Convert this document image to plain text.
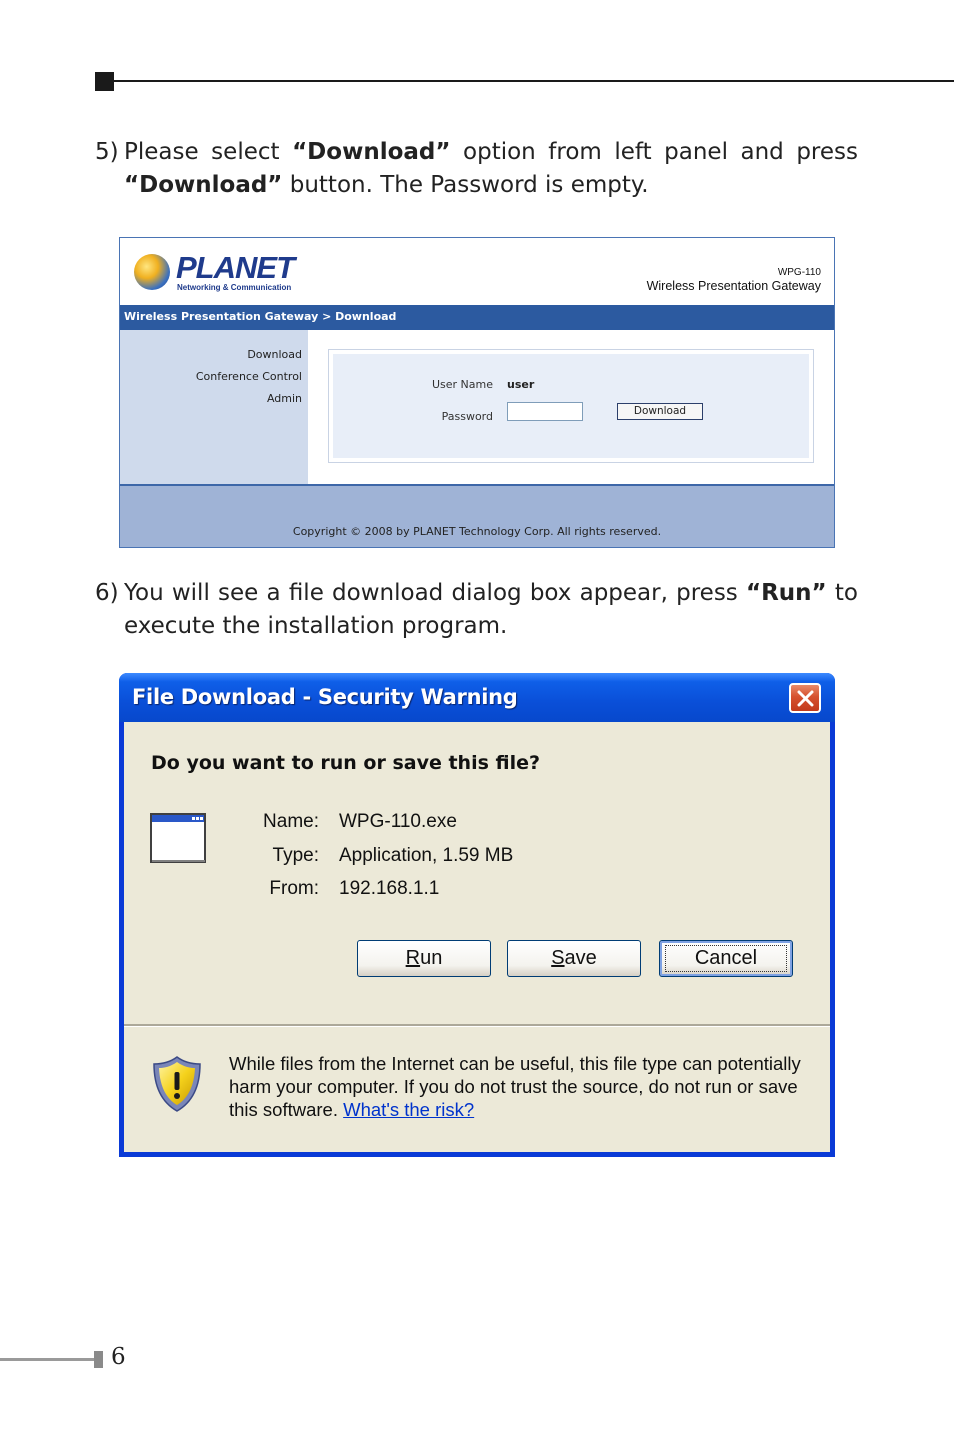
5) Please select “Download” option from left panel and press “Download” button. The Password is empty.
PLANET
Networking & Communication
WPG-110
Wireless Presentation Gateway
Wireless Presentation Gateway > Download
Download
Conference Control
Admin
User Name user
Password	Download
Copyright © 2008 by PLANET Technology Corp. All rights reserved.
6) You will see a file download dialog box appear, press “Run” to execute the installation program.
File Download - Security Warning
Do you want to run or save this file?
Name: WPG-110.exe
Type: Application, 1.59 MB
From: 192.168.1.1
Run	Save	Cancel
While files from the Internet can be useful, this file type can potentially harm your computer. If you do not trust the source, do not run or save this software. What's the risk?
6
